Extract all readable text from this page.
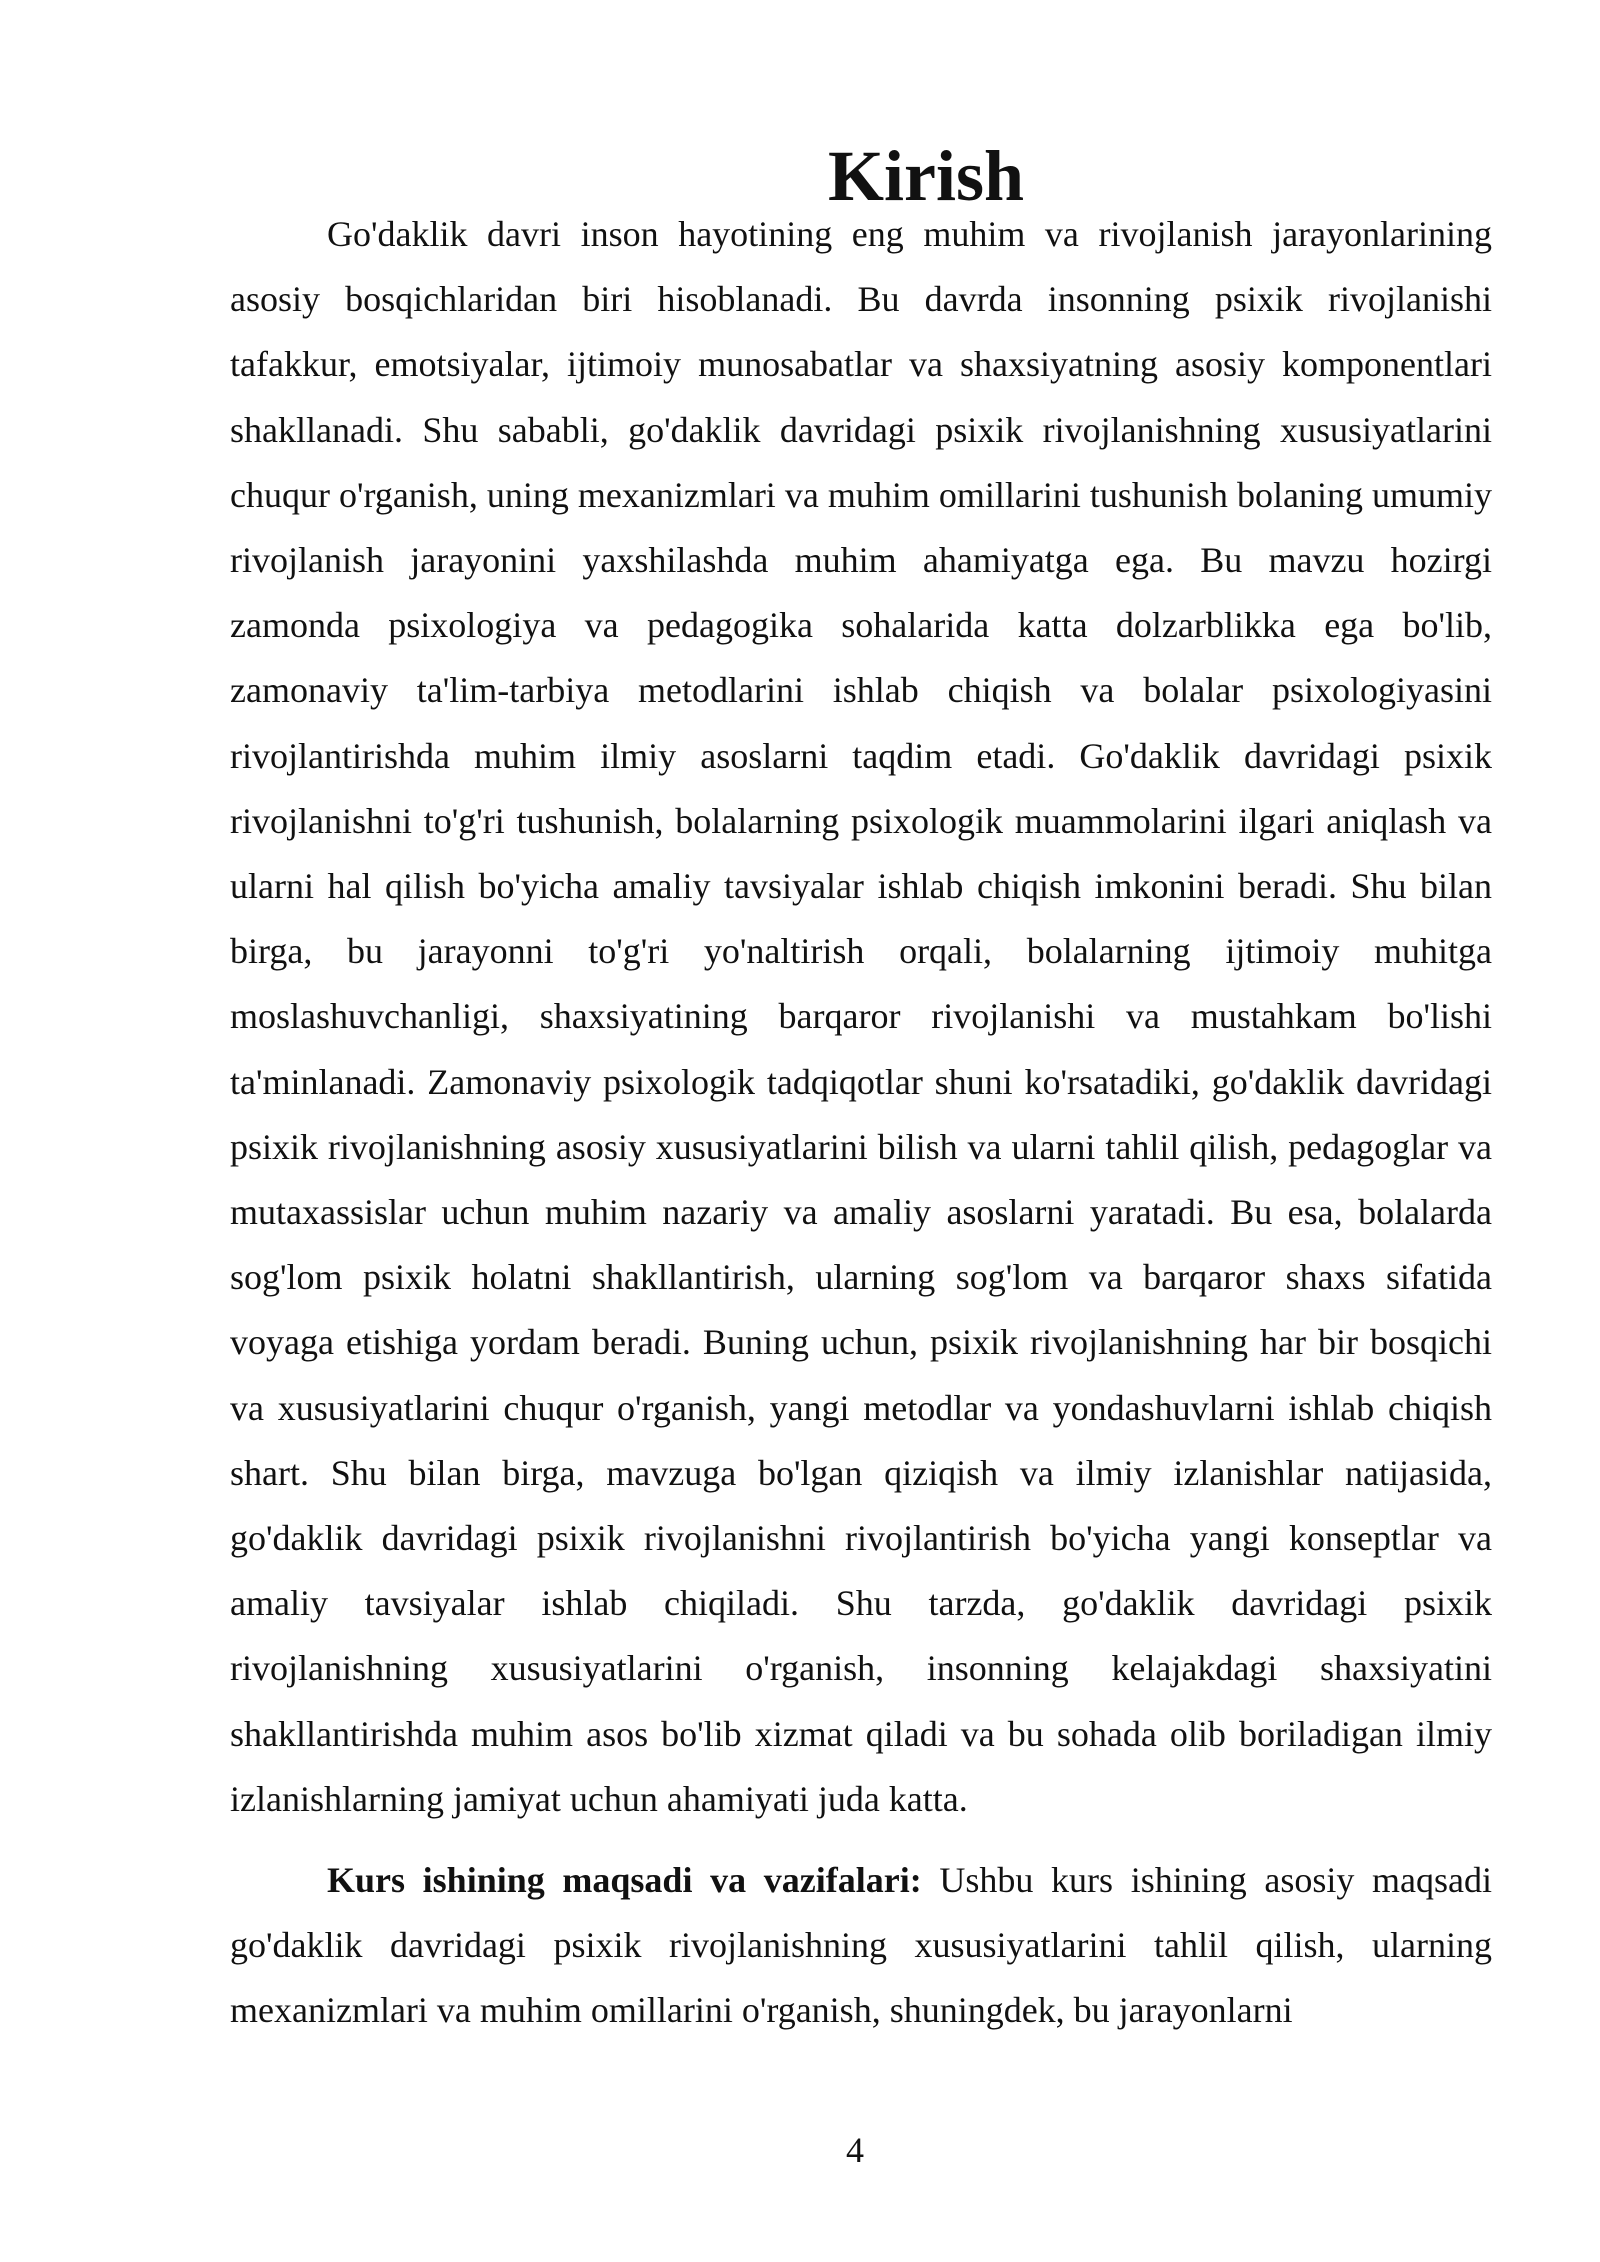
Kirish

Go'daklik davri inson hayotining eng muhim va rivojlanish jarayonlarining asosiy bosqichlaridan biri hisoblanadi. Bu davrda insonning psixik rivojlanishi tafakkur, emotsiyalar, ijtimoiy munosabatlar va shaxsiyatning asosiy komponentlari shakllanadi. Shu sababli, go'daklik davridagi psixik rivojlanishning xususiyatlarini chuqur o'rganish, uning mexanizmlari va muhim omillarini tushunish bolaning umumiy rivojlanish jarayonini yaxshilashda muhim ahamiyatga ega. Bu mavzu hozirgi zamonda psixologiya va pedagogika sohalarida katta dolzarblikka ega bo'lib, zamonaviy ta'lim-tarbiya metodlarini ishlab chiqish va bolalar psixologiyasini rivojlantirishda muhim ilmiy asoslarni taqdim etadi. Go'daklik davridagi psixik rivojlanishni to'g'ri tushunish, bolalarning psixologik muammolarini ilgari aniqlash va ularni hal qilish bo'yicha amaliy tavsiyalar ishlab chiqish imkonini beradi. Shu bilan birga, bu jarayonni to'g'ri yo'naltirish orqali, bolalarning ijtimoiy muhitga moslashuvchanligi, shaxsiyatining barqaror rivojlanishi va mustahkam bo'lishi ta'minlanadi. Zamonaviy psixologik tadqiqotlar shuni ko'rsatadiki, go'daklik davridagi psixik rivojlanishning asosiy xususiyatlarini bilish va ularni tahlil qilish, pedagoglar va mutaxassislar uchun muhim nazariy va amaliy asoslarni yaratadi. Bu esa, bolalarda sog'lom psixik holatni shakllantirish, ularning sog'lom va barqaror shaxs sifatida voyaga etishiga yordam beradi. Buning uchun, psixik rivojlanishning har bir bosqichi va xususiyatlarini chuqur o'rganish, yangi metodlar va yondashuvlarni ishlab chiqish shart. Shu bilan birga, mavzuga bo'lgan qiziqish va ilmiy izlanishlar natijasida, go'daklik davridagi psixik rivojlanishni rivojlantirish bo'yicha yangi konseptlar va amaliy tavsiyalar ishlab chiqiladi. Shu tarzda, go'daklik davridagi psixik rivojlanishning xususiyatlarini o'rganish, insonning kelajakdagi shaxsiyatini shakllantirishda muhim asos bo'lib xizmat qiladi va bu sohada olib boriladigan ilmiy izlanishlarning jamiyat uchun ahamiyati juda katta.

Kurs ishining maqsadi va vazifalari: Ushbu kurs ishining asosiy maqsadi go'daklik davridagi psixik rivojlanishning xususiyatlarini tahlil qilish, ularning mexanizmlari va muhim omillarini o'rganish, shuningdek, bu jarayonlarni

4
